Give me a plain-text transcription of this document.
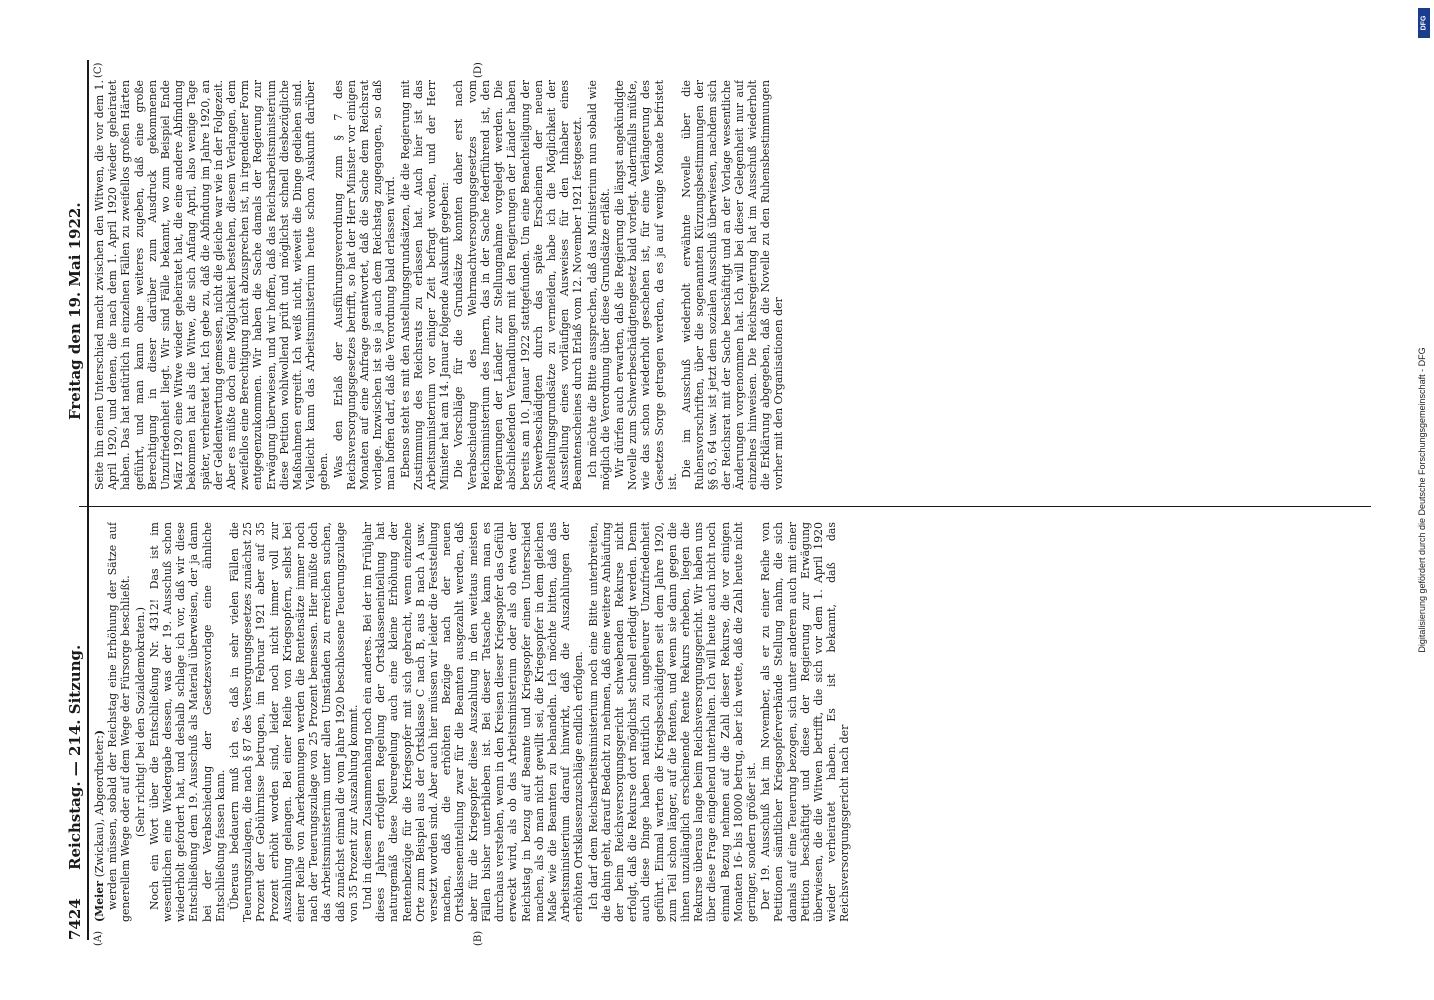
7424
Reichstag. — 214. Sitzung.
Freitag den 19. Mai 1922.
(A)	(B)
(C)	(D)

(Meier (Zwickau), Abgeordneter:) werden müssen, sobald der Reichstag eine Erhöhung der Sätze auf generellem Wege oder auf dem Wege der Fürsorge beschließt. (Sehr richtig! bei den Sozialdemokraten.) Noch ein Wort über die Entschließung Nr. 4312! Das ist im wesentlichen eine Wiedergabe dessen, was der 19. Ausschuß schon wiederholt gefordert hat, und deshalb schlage ich vor, daß wir diese Entschließung dem 19. Ausschuß als Material überweisen, der ja dann bei der Verabschiedung der Gesetzesvorlage eine ähnliche Entschließung fassen kann. Überaus bedauern muß ich es, daß in sehr vielen Fällen die Teuerungszulagen, die nach § 87 des Versorgungsgesetzes zunächst 25 Prozent der Gebührnisse betrugen, im Februar 1921 aber auf 35 Prozent erhöht worden sind, leider noch nicht immer voll zur Auszahlung gelangen. Bei einer Reihe von Kriegsopfern, selbst bei einer Reihe von Anerkennungen werden die Rentensätze immer noch nach der Teuerungszulage von 25 Prozent bemessen. Hier müßte doch das Arbeitsministerium unter allen Umständen zu erreichen suchen, daß zunächst einmal die vom Jahre 1920 beschlossene Teuerungszulage von 35 Prozent zur Auszahlung kommt. Und in diesem Zusammenhang noch ein anderes. Bei der im Frühjahr dieses Jahres erfolgten Regelung der Ortsklasseneinteilung hat naturgemäß diese Neuregelung auch eine kleine Erhöhung der Rentenbezüge für die Kriegsopfer mit sich gebracht, wenn einzelne Orte zum Beispiel aus der Ortsklasse C nach B, aus B nach A usw. versetzt worden sind. Aber auch hier müssen wir leider die Feststellung machen, daß die erhöhten Bezüge nach der neuen Ortsklasseneinteilung zwar für die Beamten ausgezahlt werden, daß aber für die Kriegsopfer diese Auszahlung in den weitaus meisten Fällen bisher unterblieben ist. Bei dieser Tatsache kann man es durchaus verstehen, wenn in den Kreisen dieser Kriegsopfer das Gefühl erweckt wird, als ob das Arbeitsministerium oder als ob etwa der Reichstag in bezug auf Beamte und Kriegsopfer einen Unterschied machen, als ob man nicht gewillt sei, die Kriegsopfer in dem gleichen Maße wie die Beamten zu behandeln. Ich möchte bitten, daß das Arbeitsministerium darauf hinwirkt, daß die Auszahlungen der erhöhten Ortsklassenzuschläge endlich erfolgen. Ich darf dem Reichsarbeitsministerium noch eine Bitte unterbreiten, die dahin geht, darauf Bedacht zu nehmen, daß eine weitere Anhäufung der beim Reichsversorgungsgericht schwebenden Rekurse nicht erfolgt, daß die Rekurse dort möglichst schnell erledigt werden. Denn auch diese Dinge haben natürlich zu ungeheurer Unzufriedenheit geführt. Einmal warten die Kriegsbeschädigten seit dem Jahre 1920, zum Teil schon länger, auf die Renten, und wenn sie dann gegen die ihnen unzulänglich erscheinende Rente Rekurs erheben, liegen die Rekurse überaus lange beim Reichsversorgungsgericht. Wir haben uns über diese Frage eingehend unterhalten. Ich will heute auch nicht noch einmal Bezug nehmen auf die Zahl dieser Rekurse, die vor einigen Monaten 16- bis 18000 betrug, aber ich wette, daß die Zahl heute nicht geringer, sondern größer ist. Der 19. Ausschuß hat im November, als er zu einer Reihe von Petitionen sämtlicher Kriegsopferverbände Stellung nahm, die sich damals auf eine Teuerung bezogen, sich unter anderem auch mit einer Petition beschäftigt und diese der Regierung zur Erwägung überwiesen, die die Witwen betrifft, die sich vor dem 1. April 1920 wieder verheiratet haben. Es ist bekannt, daß das Reichsversorgungsgericht nach der

Seite hin einen Unterschied macht zwischen den Witwen, die vor dem 1. April 1920, und denen, die nach dem 1. April 1920 wieder geheiratet haben. Das hat natürlich in einzelnen Fällen zu zweifellos großen Härten geführt, und man kann ohne weiteres zugeben, daß eine große Berechtigung in dieser darüber zum Ausdruck gekommenen Unzufriedenheit liegt. Wir sind Fälle bekannt, wo zum Beispiel Ende März 1920 eine Witwe wieder geheiratet hat, die eine andere Abfindung bekommen hat als die Witwe, die sich Anfang April, also wenige Tage später, verheiratet hat. Ich gebe zu, daß die Abfindung im Jahre 1920, an der Geldentwertung gemessen, nicht die gleiche war wie in der Folgezeit. Aber es müßte doch eine Möglichkeit bestehen, diesem Verlangen, dem zweifellos eine Berechtigung nicht abzusprechen ist, in irgendeiner Form entgegenzukommen. Wir haben die Sache damals der Regierung zur Erwägung überwiesen, und wir hoffen, daß das Reichsarbeitsministerium diese Petition wohlwollend prüft und möglichst schnell diesbezügliche Maßnahmen ergreift. Ich weiß nicht, wieweit die Dinge gediehen sind. Vielleicht kann das Arbeitsministerium heute schon Auskunft darüber geben. Was den Erlaß der Ausführungsverordnung zum § 7 des Reichsversorgungsgesetzes betrifft, so hat der Herr Minister vor einigen Monaten auf eine Anfrage geantwortet, daß die Sache dem Reichsrat vorlage. Inzwischen ist sie ja auch dem Reichstag zugegangen, so daß man hoffen darf, daß die Verordnung bald erlassen wird. Ebenso steht es mit den Anstellungsgrundsätzen, die die Regierung mit Zustimmung des Reichsrats zu erlassen hat. Auch hier ist das Arbeitsministerium vor einiger Zeit befragt worden, und der Herr Minister hat am 14. Januar folgende Auskunft gegeben: Die Vorschläge für die Grundsätze konnten daher erst nach Verabschiedung des Wehrmachtversorgungsgesetzes vom Reichsministerium des Innern, das in der Sache federführend ist, den Regierungen der Länder zur Stellungnahme vorgelegt werden. Die abschließenden Verhandlungen mit den Regierungen der Länder haben bereits am 10. Januar 1922 stattgefunden. Um eine Benachteiligung der Schwerbeschädigten durch das späte Erscheinen der neuen Anstellungsgrundsätze zu vermeiden, habe ich die Möglichkeit der Ausstellung eines vorläufigen Ausweises für den Inhaber eines Beamtenscheines durch Erlaß vom 12. November 1921 festgesetzt. Ich möchte die Bitte aussprechen, daß das Ministerium nun sobald wie möglich die Verordnung über diese Grundsätze erläßt. Wir dürfen auch erwarten, daß die Regierung die längst angekündigte Novelle zum Schwerbeschädigtengesetz bald vorlegt. Andernfalls müßte, wie das schon wiederholt geschehen ist, für eine Verlängerung des Gesetzes Sorge getragen werden, da es ja auf wenige Monate befristet ist.

Die im Ausschuß wiederholt erwähnte Novelle über die Ruhensvorschriften, über die sogenannten Kürzungsbestimmungen der §§ 63, 64 usw. ist jetzt dem sozialen Ausschuß überwiesen, nachdem sich der Reichsrat mit der Sache beschäftigt und an der Vorlage wesentliche Änderungen vorgenommen hat. Ich will bei dieser Gelegenheit nur auf einzelnes hinweisen. Die Reichsregierung hat im Ausschuß wiederholt die Erklärung abgegeben, daß die Novelle zu den Ruhensbestimmungen vorher mit den Organisationen der	Digitalisierung gefördert durch die Deutsche Forschungsgemeinschaft - DFG
DFG
